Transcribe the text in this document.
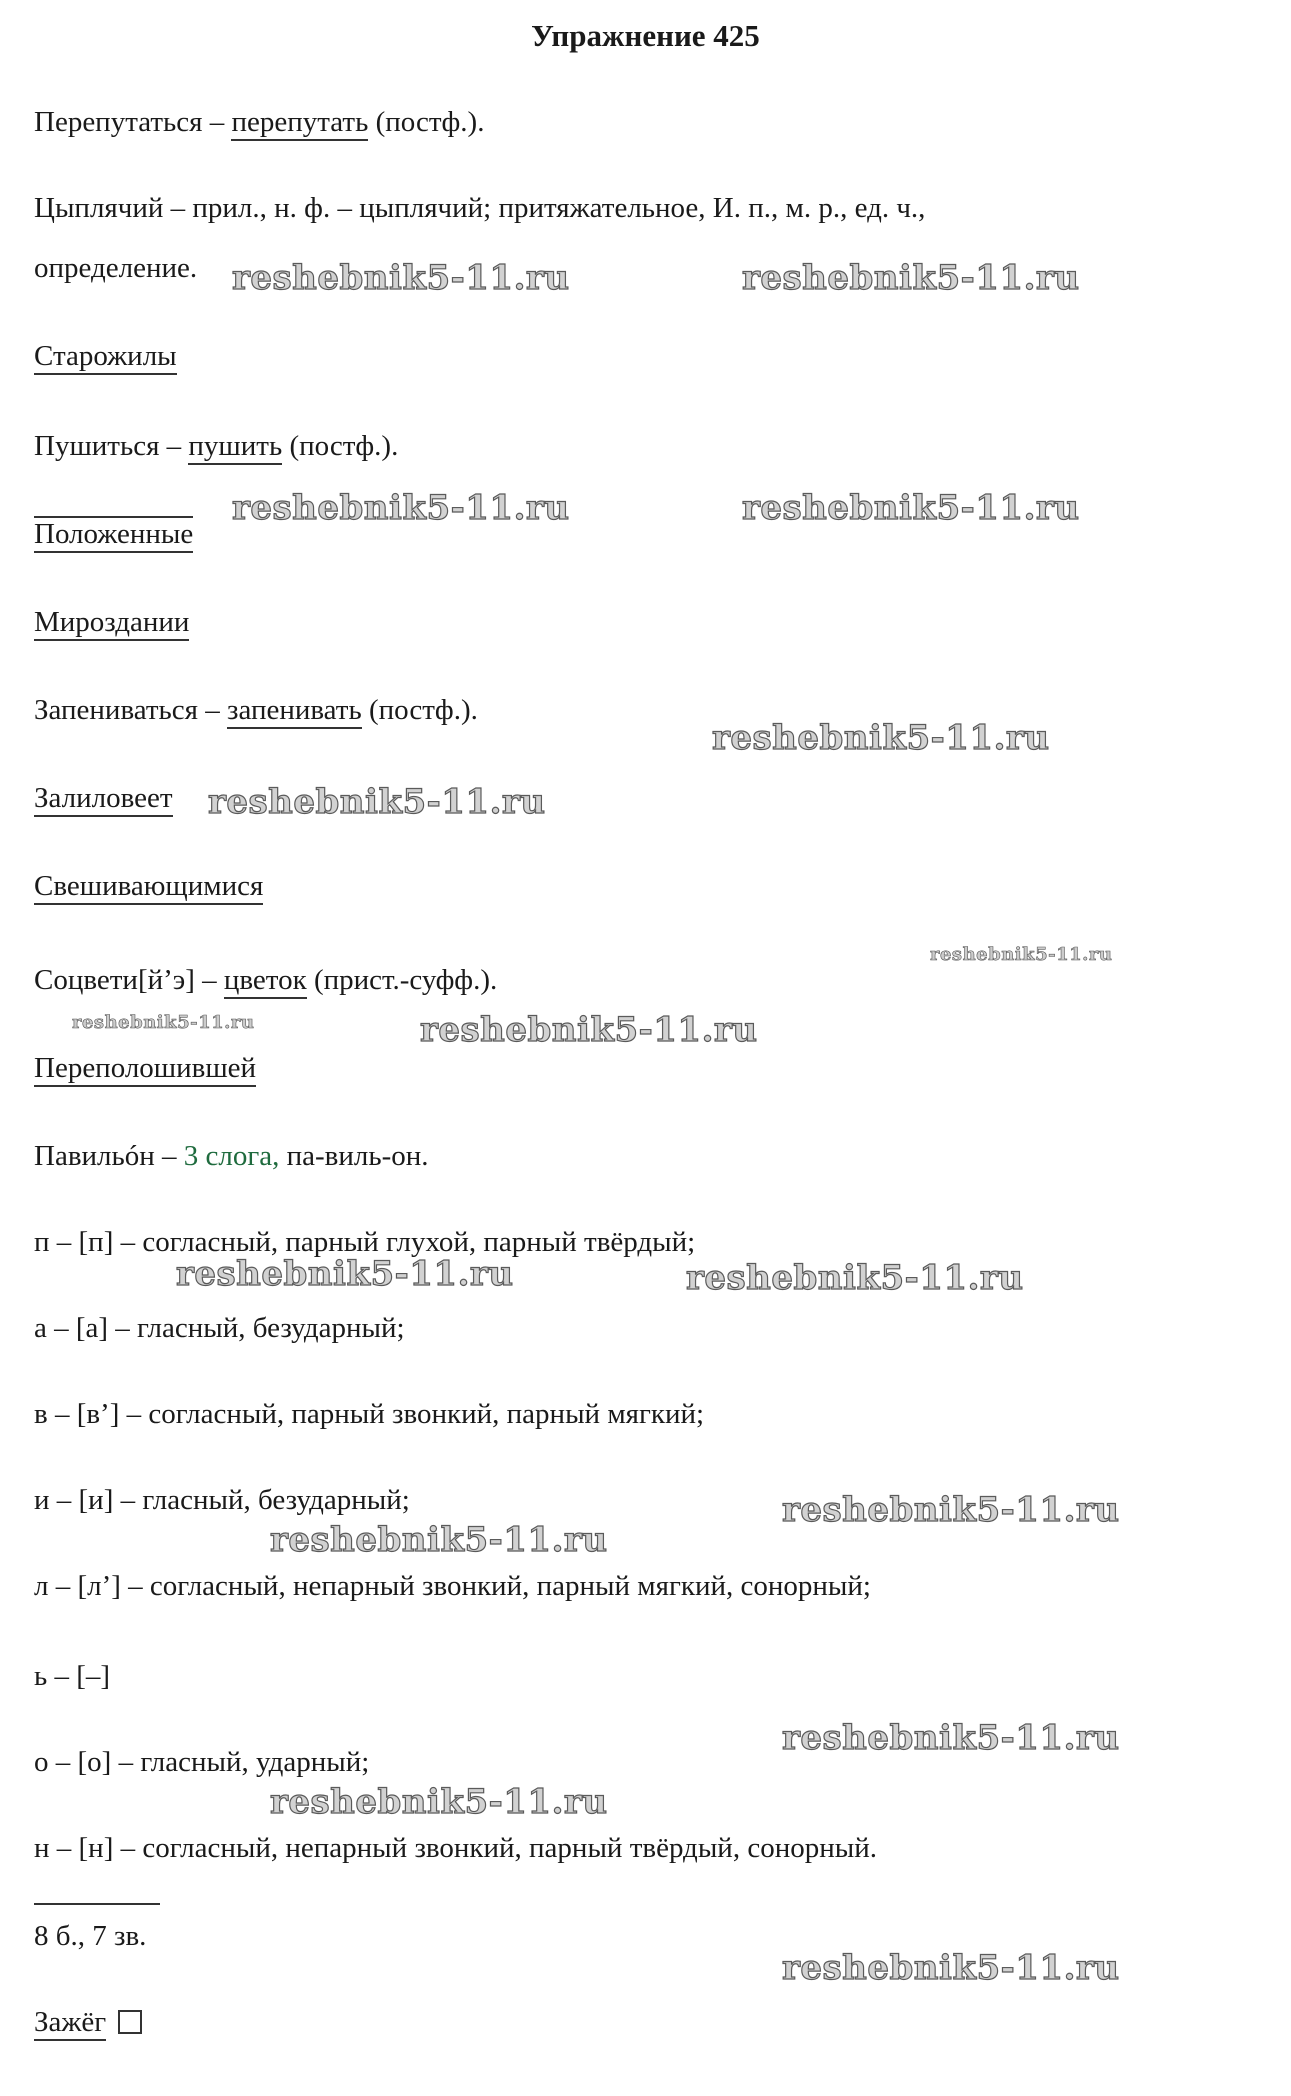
Упражнение 425
Перепутаться – перепутать (постф.).
Цыплячий – прил., н. ф. – цыплячий; притяжательное, И. п., м. р., ед. ч.,
определение.
Старожилы
Пушиться – пушить (постф.).
Положенные
Мироздании
Запениваться – запенивать (постф.).
Залиловеет
Свешивающимися
Соцвети[й’э] – цветок (прист.-суфф.).
Переполошившей
Павильóн – 3 слога, па-виль-он.
п – [п] – согласный, парный глухой, парный твёрдый;
а – [а] – гласный, безударный;
в – [в’] – согласный, парный звонкий, парный мягкий;
и – [и] – гласный, безударный;
л – [л’] – согласный, непарный звонкий, парный мягкий, сонорный;
ь – [–]
о – [о] – гласный, ударный;
н – [н] – согласный, непарный звонкий, парный твёрдый, сонорный.
8 б., 7 зв.
Зажёг
reshebnik5-11.ru	reshebnik5-11.ru
reshebnik5-11.ru	reshebnik5-11.ru
reshebnik5-11.ru
reshebnik5-11.ru
reshebnik5-11.ru
reshebnik5-11.ru	reshebnik5-11.ru
reshebnik5-11.ru	reshebnik5-11.ru
reshebnik5-11.ru
reshebnik5-11.ru
reshebnik5-11.ru
reshebnik5-11.ru
reshebnik5-11.ru
